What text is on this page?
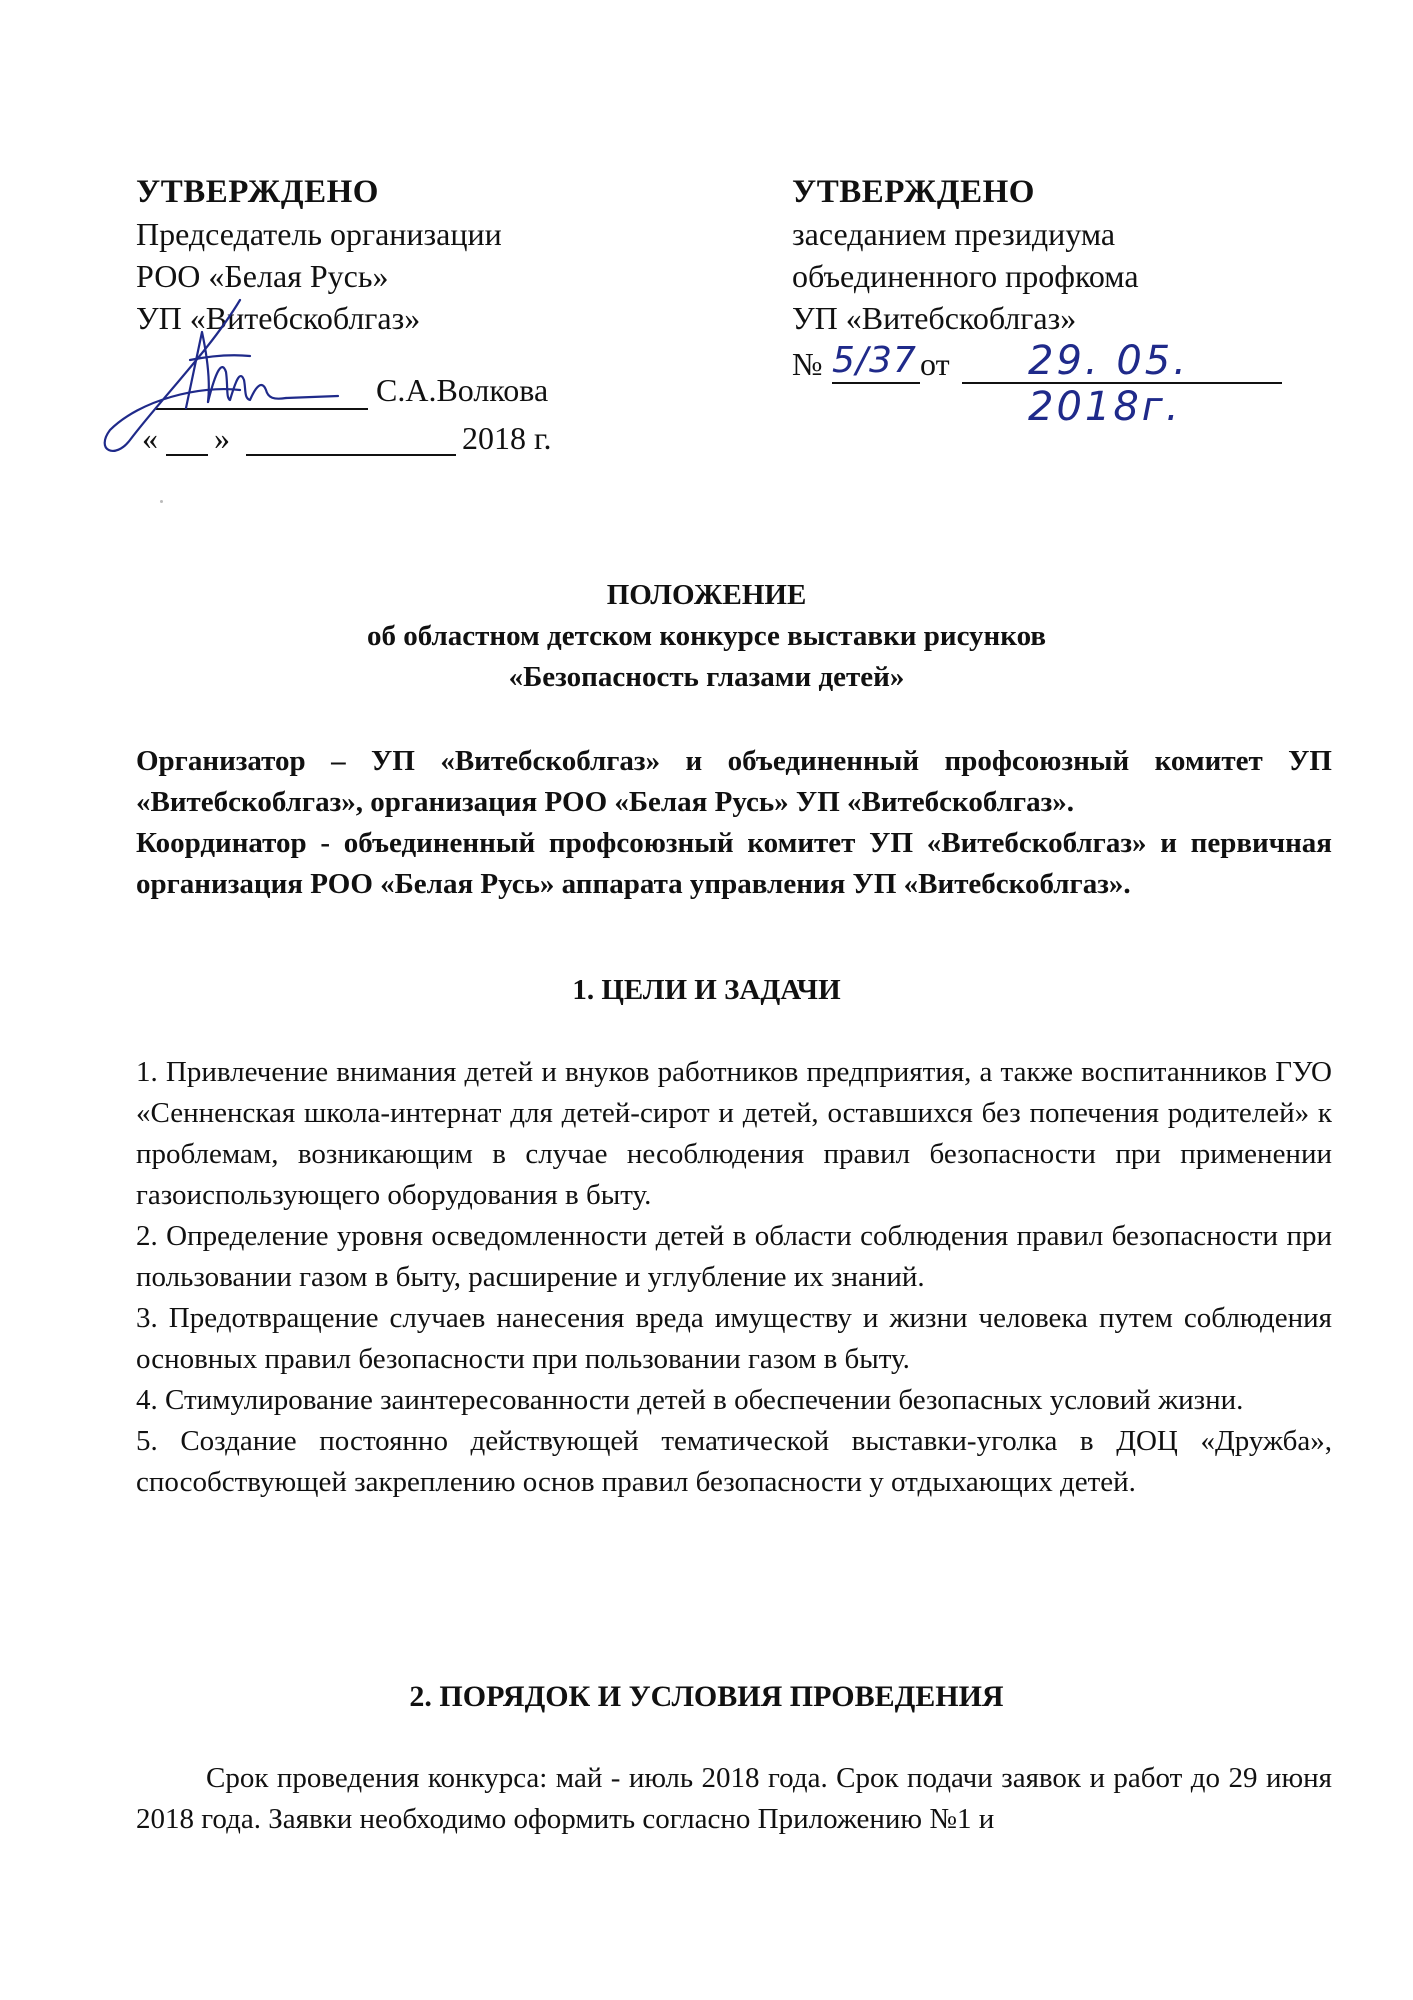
УТВЕРЖДЕНО
Председатель организации
РОО «Белая Русь»
УП «Витебскоблгаз»
С.А.Волкова
« »	2018 г.
УТВЕРЖДЕНО
заседанием президиума
объединенного профкома
УП «Витебскоблгаз»
№ 5/37 от 29. 05. 2018г.
ПОЛОЖЕНИЕ
об областном детском конкурсе выставки рисунков
«Безопасность глазами детей»

Организатор – УП «Витебскоблгаз» и объединенный профсоюзный комитет УП «Витебскоблгаз», организация РОО «Белая Русь» УП «Витебскоблгаз».

Координатор - объединенный профсоюзный комитет УП «Витебскоблгаз» и первичная организация РОО «Белая Русь» аппарата управления УП «Витебскоблгаз».

1. ЦЕЛИ И ЗАДАЧИ

1. Привлечение внимания детей и внуков работников предприятия, а также воспитанников ГУО «Сенненская школа-интернат для детей-сирот и детей, оставшихся без попечения родителей» к проблемам, возникающим в случае несоблюдения правил безопасности при применении газоиспользующего оборудования в быту.

2. Определение уровня осведомленности детей в области соблюдения правил безопасности при пользовании газом в быту, расширение и углубление их знаний.

3. Предотвращение случаев нанесения вреда имуществу и жизни человека путем соблюдения основных правил безопасности при пользовании газом в быту.

4. Стимулирование заинтересованности детей в обеспечении безопасных условий жизни.

5. Создание постоянно действующей тематической выставки-уголка в ДОЦ «Дружба», способствующей закреплению основ правил безопасности у отдыхающих детей.

2. ПОРЯДОК И УСЛОВИЯ ПРОВЕДЕНИЯ

Срок проведения конкурса: май - июль 2018 года. Срок подачи заявок и работ до 29 июня 2018 года. Заявки необходимо оформить согласно Приложению №1 и
